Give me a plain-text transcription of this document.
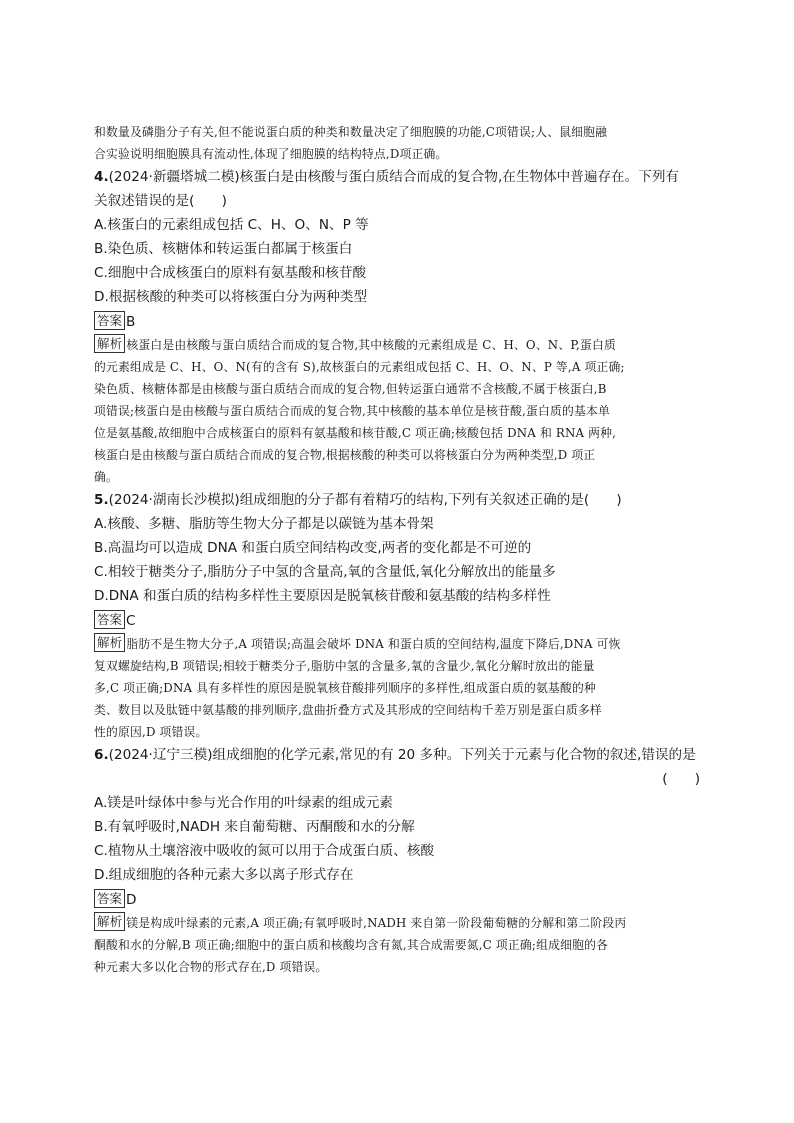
和数量及磷脂分子有关,但不能说蛋白质的种类和数量决定了细胞膜的功能,C项错误;人、鼠细胞融
合实验说明细胞膜具有流动性,体现了细胞膜的结构特点,D项正确。
4.(2024·新疆塔城二模)核蛋白是由核酸与蛋白质结合而成的复合物,在生物体中普遍存在。下列有
关叙述错误的是(　　)
A.核蛋白的元素组成包括 C、H、O、N、P 等
B.染色质、核糖体和转运蛋白都属于核蛋白
C.细胞中合成核蛋白的原料有氨基酸和核苷酸
D.根据核酸的种类可以将核蛋白分为两种类型
答案 B
解析 核蛋白是由核酸与蛋白质结合而成的复合物,其中核酸的元素组成是 C、H、O、N、P,蛋白质
的元素组成是 C、H、O、N(有的含有 S),故核蛋白的元素组成包括 C、H、O、N、P 等,A 项正确;
染色质、核糖体都是由核酸与蛋白质结合而成的复合物,但转运蛋白通常不含核酸,不属于核蛋白,B
项错误;核蛋白是由核酸与蛋白质结合而成的复合物,其中核酸的基本单位是核苷酸,蛋白质的基本单
位是氨基酸,故细胞中合成核蛋白的原料有氨基酸和核苷酸,C 项正确;核酸包括 DNA 和 RNA 两种,
核蛋白是由核酸与蛋白质结合而成的复合物,根据核酸的种类可以将核蛋白分为两种类型,D 项正
确。
5.(2024·湖南长沙模拟)组成细胞的分子都有着精巧的结构,下列有关叙述正确的是(　　)
A.核酸、多糖、脂肪等生物大分子都是以碳链为基本骨架
B.高温均可以造成 DNA 和蛋白质空间结构改变,两者的变化都是不可逆的
C.相较于糖类分子,脂肪分子中氢的含量高,氧的含量低,氧化分解放出的能量多
D.DNA 和蛋白质的结构多样性主要原因是脱氧核苷酸和氨基酸的结构多样性
答案 C
解析 脂肪不是生物大分子,A 项错误;高温会破坏 DNA 和蛋白质的空间结构,温度下降后,DNA 可恢
复双螺旋结构,B 项错误;相较于糖类分子,脂肪中氢的含量多,氧的含量少,氧化分解时放出的能量
多,C 项正确;DNA 具有多样性的原因是脱氧核苷酸排列顺序的多样性,组成蛋白质的氨基酸的种
类、数目以及肽链中氨基酸的排列顺序,盘曲折叠方式及其形成的空间结构千差万别是蛋白质多样
性的原因,D 项错误。
6.(2024·辽宁三模)组成细胞的化学元素,常见的有 20 多种。下列关于元素与化合物的叙述,错误的是
(　　)
A.镁是叶绿体中参与光合作用的叶绿素的组成元素
B.有氧呼吸时,NADH 来自葡萄糖、丙酮酸和水的分解
C.植物从土壤溶液中吸收的氮可以用于合成蛋白质、核酸
D.组成细胞的各种元素大多以离子形式存在
答案 D
解析 镁是构成叶绿素的元素,A 项正确;有氧呼吸时,NADH 来自第一阶段葡萄糖的分解和第二阶段丙
酮酸和水的分解,B 项正确;细胞中的蛋白质和核酸均含有氮,其合成需要氮,C 项正确;组成细胞的各
种元素大多以化合物的形式存在,D 项错误。
